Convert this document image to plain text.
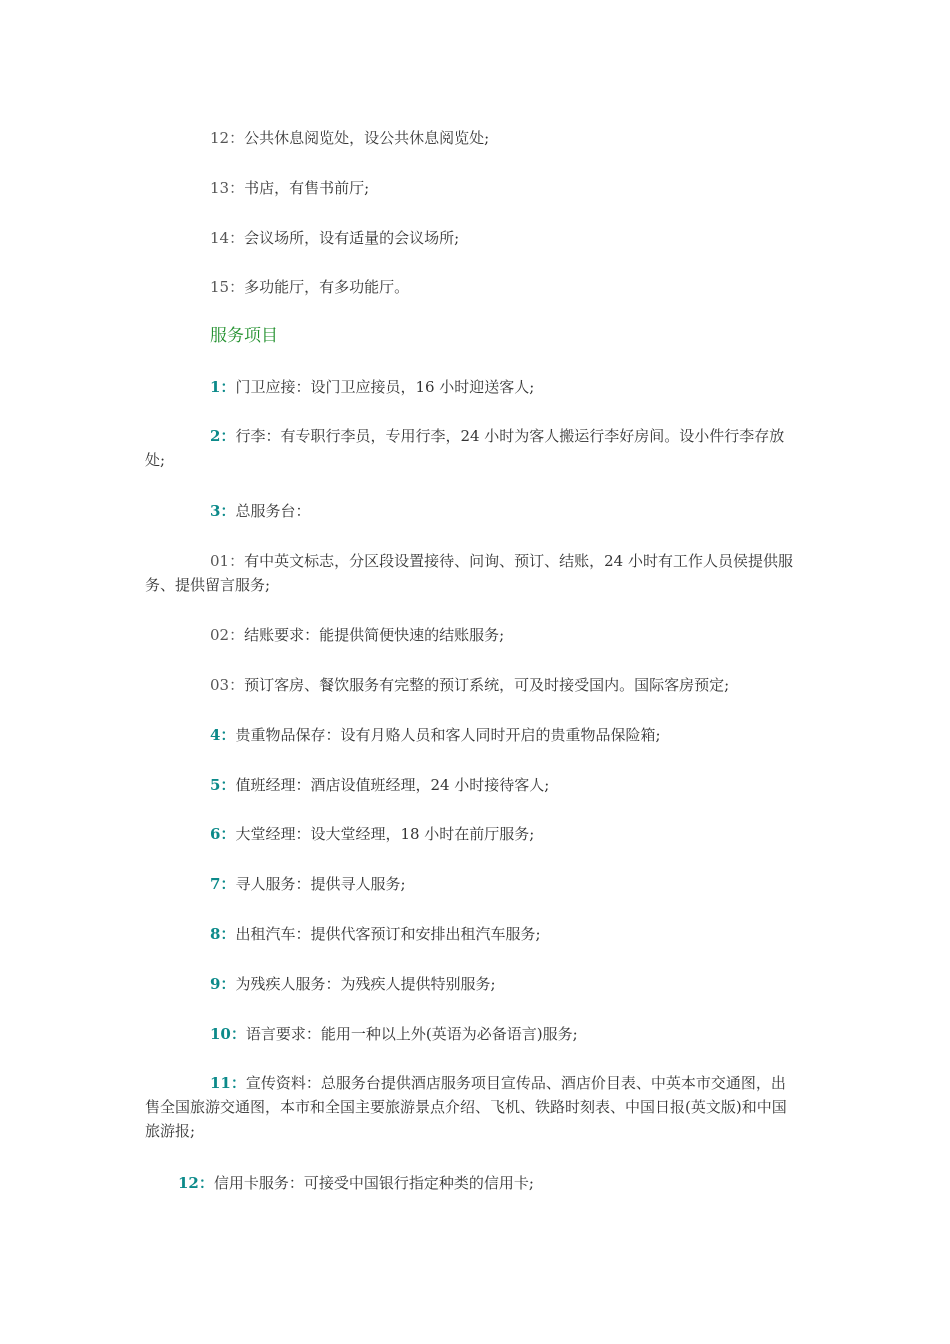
12：公共休息阅览处，设公共休息阅览处;
13：书店，有售书前厅;
14：会议场所，设有适量的会议场所;
15：多功能厅，有多功能厅。
服务项目
1：门卫应接：设门卫应接员，16 小时迎送客人;
2：行李：有专职行李员，专用行李，24 小时为客人搬运行李好房间。设小件行李存放处;
3：总服务台：
01：有中英文标志，分区段设置接待、问询、预订、结账，24 小时有工作人员侯提供服务、提供留言服务;
02：结账要求：能提供简便快速的结账服务;
03：预订客房、餐饮服务有完整的预订系统，可及时接受国内。国际客房预定;
4：贵重物品保存：设有月赂人员和客人同时开启的贵重物品保险箱;
5：值班经理：酒店设值班经理，24 小时接待客人;
6：大堂经理：设大堂经理，18 小时在前厅服务;
7：寻人服务：提供寻人服务;
8：出租汽车：提供代客预订和安排出租汽车服务;
9：为残疾人服务：为残疾人提供特别服务;
10：语言要求：能用一种以上外(英语为必备语言)服务;
11：宣传资料：总服务台提供酒店服务项目宣传品、酒店价目表、中英本市交通图，出售全国旅游交通图，本市和全国主要旅游景点介绍、飞机、铁路时刻表、中国日报(英文版)和中国旅游报;
12：信用卡服务：可接受中国银行指定种类的信用卡;
